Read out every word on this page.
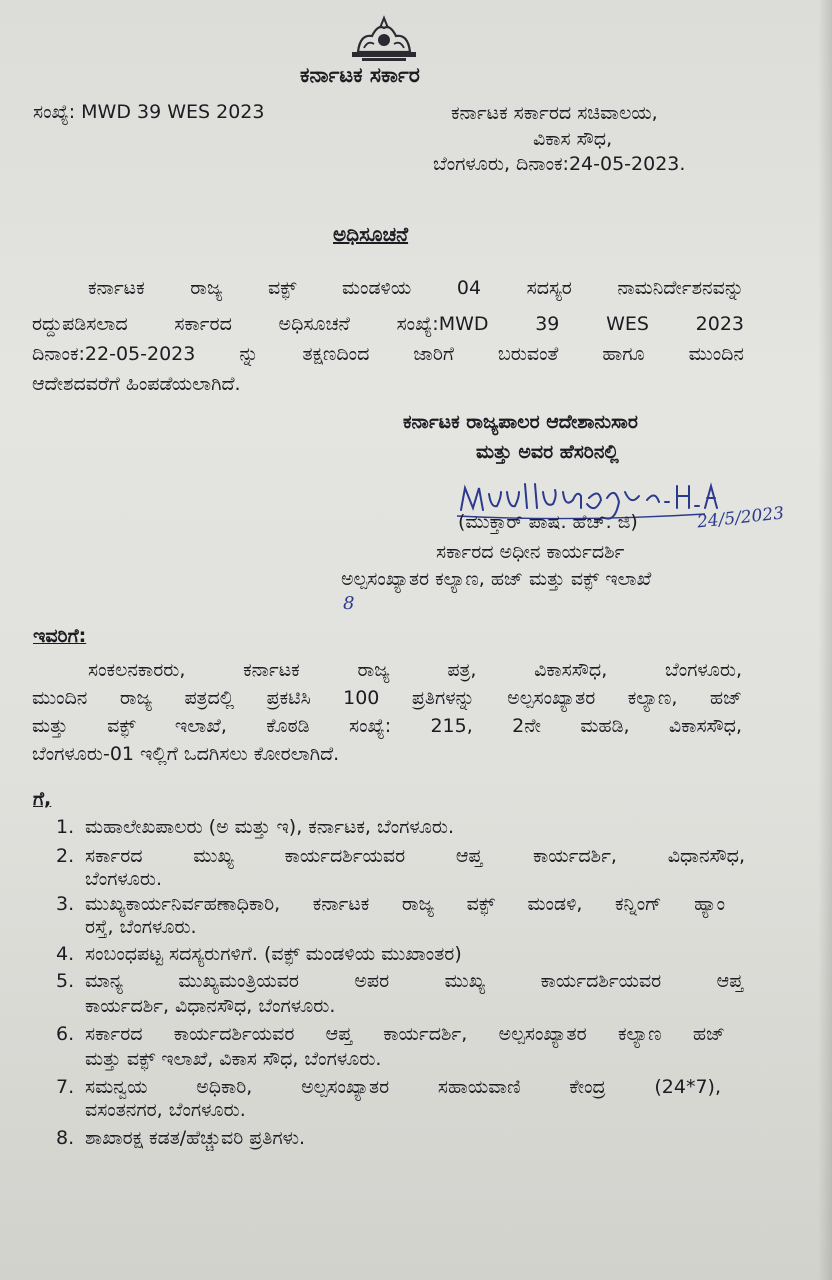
ಕರ್ನಾಟಕ ಸರ್ಕಾರ
ಸಂಖ್ಯೆ: MWD 39 WES 2023	ಕರ್ನಾಟಕ ಸರ್ಕಾರದ ಸಚಿವಾಲಯ,
ವಿಕಾಸ ಸೌಧ,
ಬೆಂಗಳೂರು, ದಿನಾಂಕ:24-05-2023.
ಅಧಿಸೂಚನೆ
ಕರ್ನಾಟಕ ರಾಜ್ಯ ವಕ್ಫ್ ಮಂಡಳಿಯ 04 ಸದಸ್ಯರ ನಾಮನಿರ್ದೇಶನವನ್ನು
ರದ್ದುಪಡಿಸಲಾದ ಸರ್ಕಾರದ ಅಧಿಸೂಚನೆ ಸಂಖ್ಯೆ:MWD 39 WES 2023
ದಿನಾಂಕ:22-05-2023 ನ್ನು ತಕ್ಷಣದಿಂದ ಜಾರಿಗೆ ಬರುವಂತೆ ಹಾಗೂ ಮುಂದಿನ
ಆದೇಶದವರೆಗೆ ಹಿಂಪಡೆಯಲಾಗಿದೆ.
ಕರ್ನಾಟಕ ರಾಜ್ಯಪಾಲರ ಆದೇಶಾನುಸಾರ
ಮತ್ತು ಅವರ ಹೆಸರಿನಲ್ಲಿ
24/5/2023
(ಮುಕ್ತಾರ್ ಪಾಷ. ಹೆಚ್. ಜಿ)
ಸರ್ಕಾರದ ಅಧೀನ ಕಾರ್ಯದರ್ಶಿ
ಅಲ್ಪಸಂಖ್ಯಾತರ ಕಲ್ಯಾಣ, ಹಜ್ ಮತ್ತು ವಕ್ಫ್ ಇಲಾಖೆ
8
ಇವರಿಗೆ:
ಸಂಕಲನಕಾರರು, ಕರ್ನಾಟಕ ರಾಜ್ಯ ಪತ್ರ, ವಿಕಾಸಸೌಧ, ಬೆಂಗಳೂರು,
ಮುಂದಿನ ರಾಜ್ಯ ಪತ್ರದಲ್ಲಿ ಪ್ರಕಟಿಸಿ 100 ಪ್ರತಿಗಳನ್ನು ಅಲ್ಪಸಂಖ್ಯಾತರ ಕಲ್ಯಾಣ, ಹಜ್
ಮತ್ತು ವಕ್ಫ್ ಇಲಾಖೆ, ಕೊಠಡಿ ಸಂಖ್ಯೆ: 215, 2ನೇ ಮಹಡಿ, ವಿಕಾಸಸೌಧ,
ಬೆಂಗಳೂರು-01 ಇಲ್ಲಿಗೆ ಒದಗಿಸಲು ಕೋರಲಾಗಿದೆ.
ಗೆ,
1. ಮಹಾಲೇಖಪಾಲರು (ಅ ಮತ್ತು ಇ), ಕರ್ನಾಟಕ, ಬೆಂಗಳೂರು.
2. ಸರ್ಕಾರದ ಮುಖ್ಯ ಕಾರ್ಯದರ್ಶಿಯವರ ಆಪ್ತ ಕಾರ್ಯದರ್ಶಿ, ವಿಧಾನಸೌಧ,
ಬೆಂಗಳೂರು.
3. ಮುಖ್ಯಕಾರ್ಯನಿರ್ವಹಣಾಧಿಕಾರಿ, ಕರ್ನಾಟಕ ರಾಜ್ಯ ವಕ್ಫ್ ಮಂಡಳಿ, ಕನ್ನಿಂಗ್ ಹ್ಯಾಂ
ರಸ್ತೆ, ಬೆಂಗಳೂರು.
4. ಸಂಬಂಧಪಟ್ಟ ಸದಸ್ಯರುಗಳಿಗೆ. (ವಕ್ಫ್ ಮಂಡಳಿಯ ಮುಖಾಂತರ)
5. ಮಾನ್ಯ ಮುಖ್ಯಮಂತ್ರಿಯವರ ಅಪರ ಮುಖ್ಯ ಕಾರ್ಯದರ್ಶಿಯವರ ಆಪ್ತ
ಕಾರ್ಯದರ್ಶಿ, ವಿಧಾನಸೌಧ, ಬೆಂಗಳೂರು.
6. ಸರ್ಕಾರದ ಕಾರ್ಯದರ್ಶಿಯವರ ಆಪ್ತ ಕಾರ್ಯದರ್ಶಿ, ಅಲ್ಪಸಂಖ್ಯಾತರ ಕಲ್ಯಾಣ ಹಜ್
ಮತ್ತು ವಕ್ಫ್ ಇಲಾಖೆ, ವಿಕಾಸ ಸೌಧ, ಬೆಂಗಳೂರು.
7. ಸಮನ್ವಯ ಅಧಿಕಾರಿ, ಅಲ್ಪಸಂಖ್ಯಾತರ ಸಹಾಯವಾಣಿ ಕೇಂದ್ರ (24*7),
ವಸಂತನಗರ, ಬೆಂಗಳೂರು.
8. ಶಾಖಾರಕ್ಷ ಕಡತ/ಹೆಚ್ಚುವರಿ ಪ್ರತಿಗಳು.
